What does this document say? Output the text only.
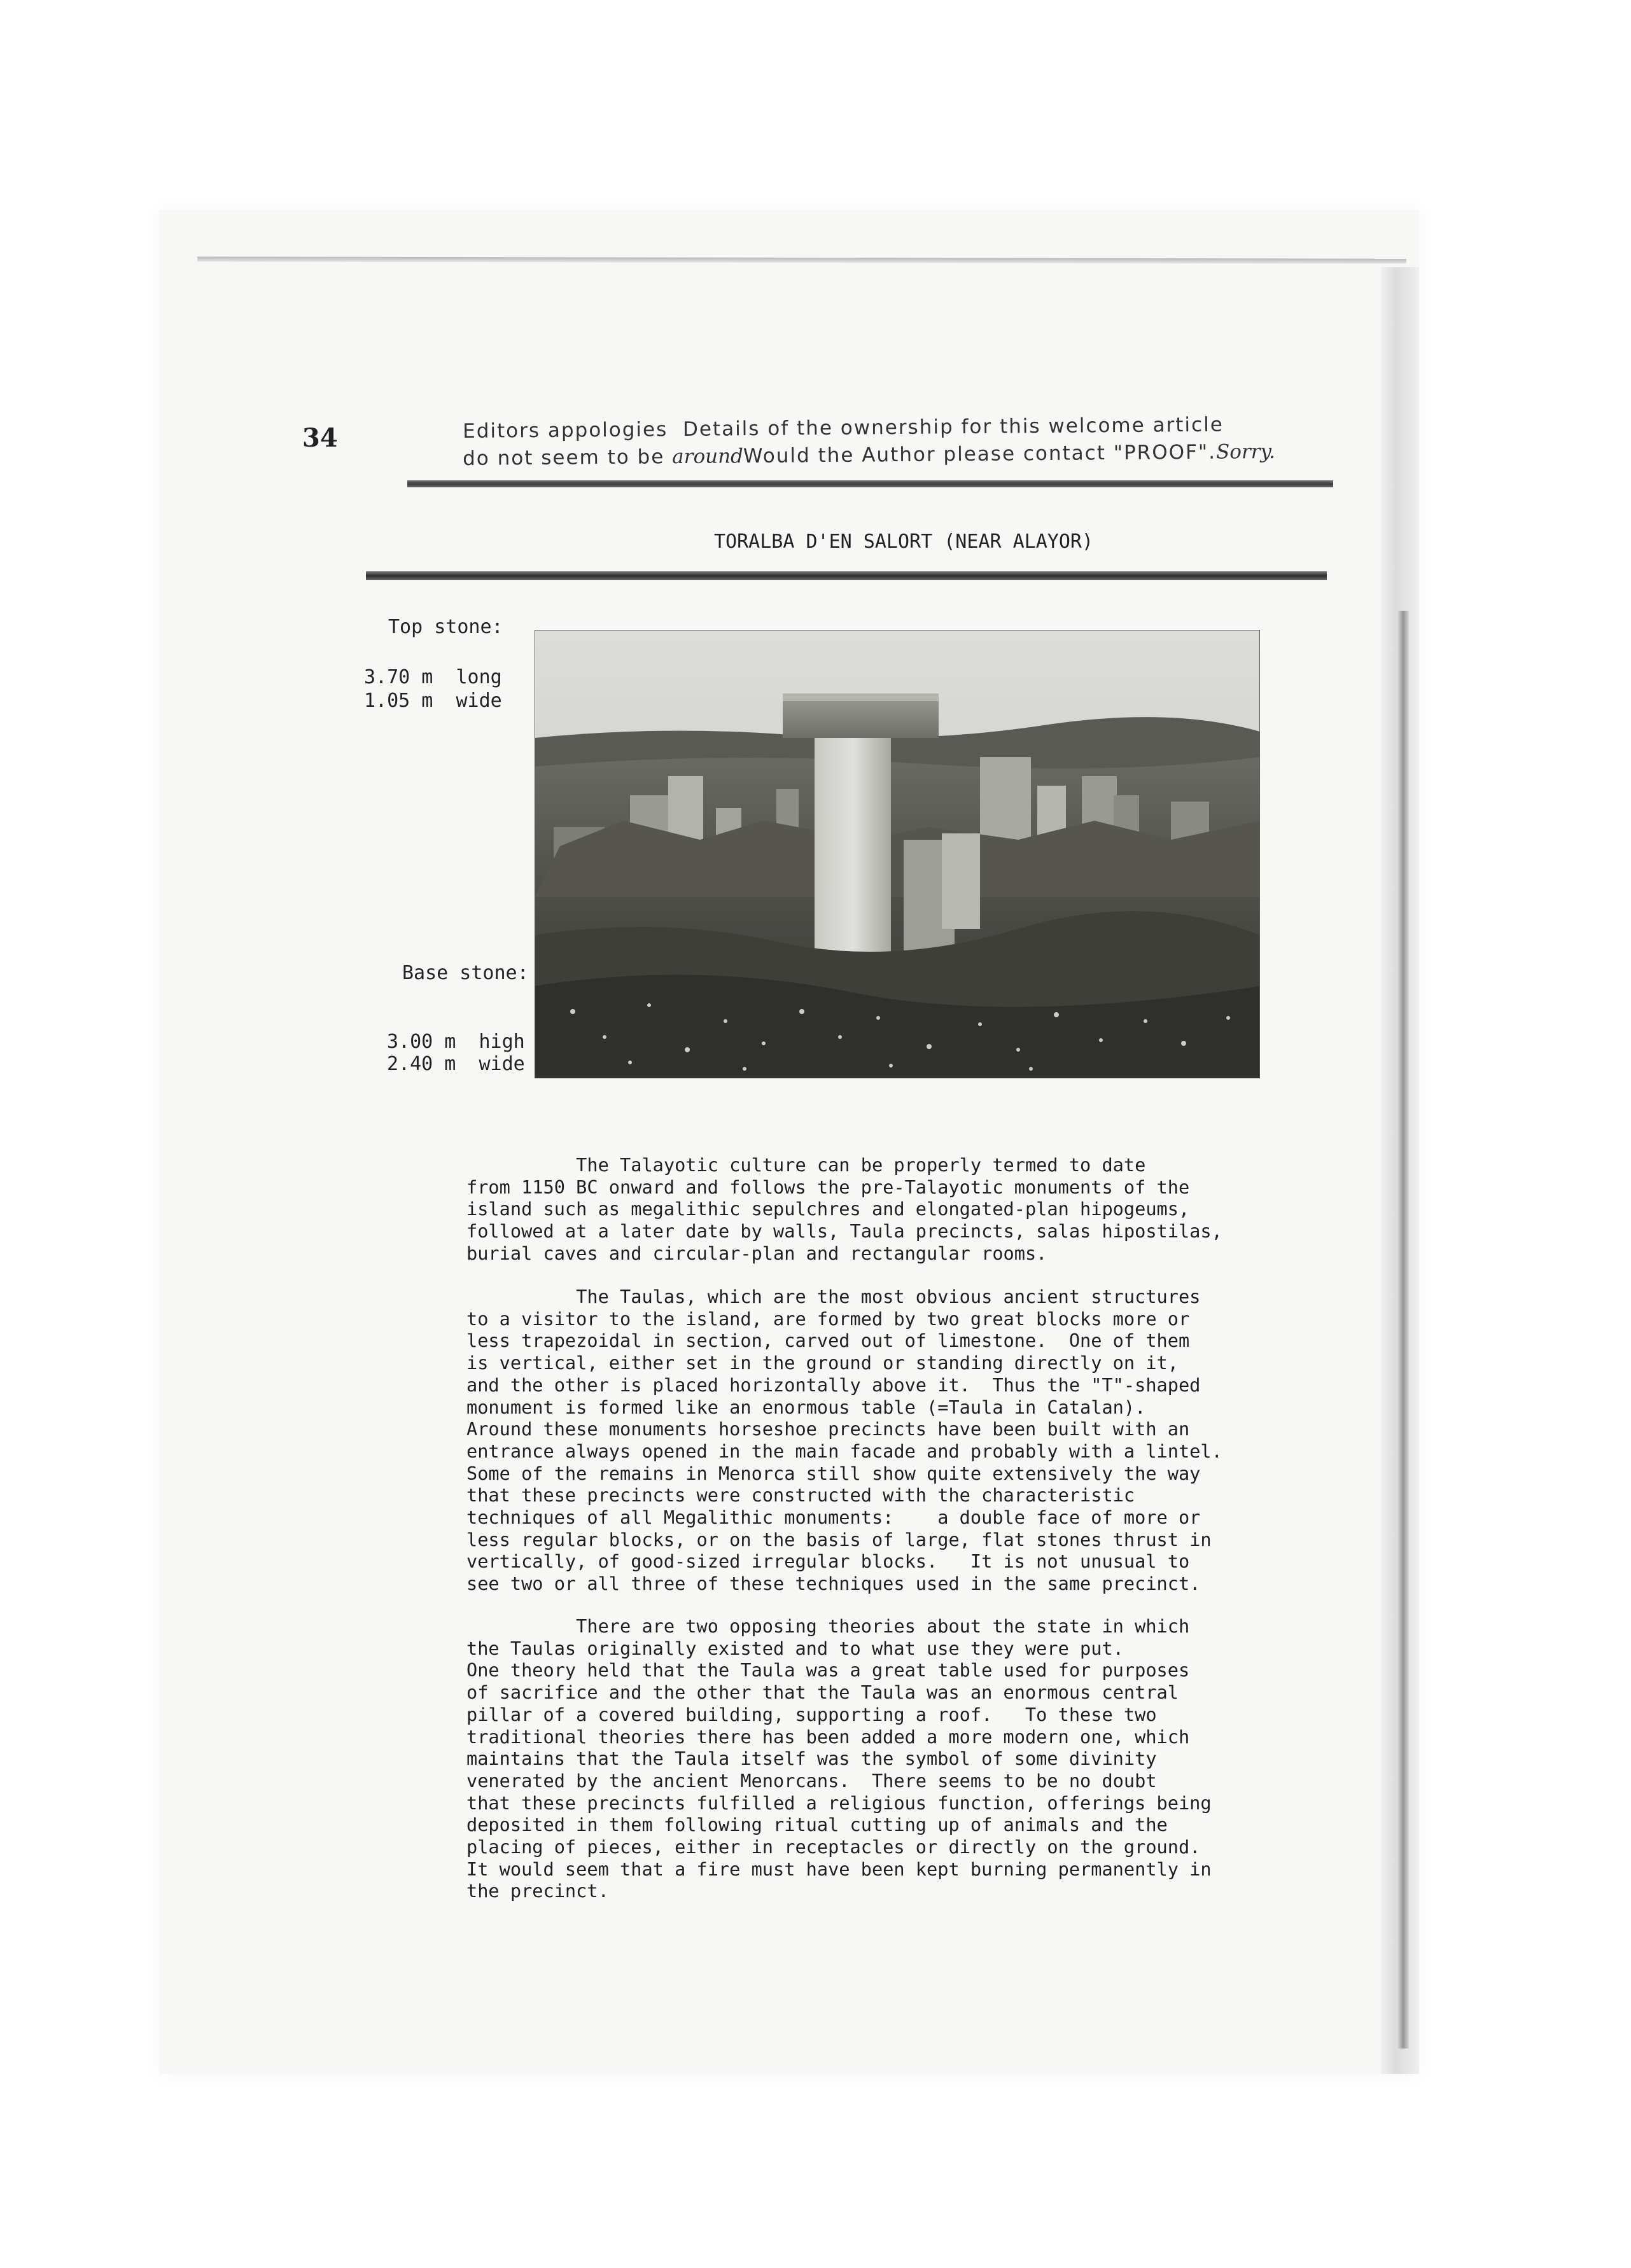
34	Editors appologies  Details of the ownership for this welcome article
do not seem to be aroundWould the Author please contact "PROOF".Sorry.
TORALBA D'EN SALORT (NEAR ALAYOR)
Top stone:
3.70 m  long
1.05 m  wide
Base stone:
3.00 m  high
2.40 m  wide

The Talayotic culture can be properly termed to date

from 1150 BC onward and follows the pre-Talayotic monuments of the

island such as megalithic sepulchres and elongated-plan hipogeums,

followed at a later date by walls, Taula precincts, salas hipostilas,

burial caves and circular-plan and rectangular rooms.

The Taulas, which are the most obvious ancient structures

to a visitor to the island, are formed by two great blocks more or

less trapezoidal in section, carved out of limestone.  One of them

is vertical, either set in the ground or standing directly on it,

and the other is placed horizontally above it.  Thus the "T"-shaped

monument is formed like an enormous table (=Taula in Catalan).

Around these monuments horseshoe precincts have been built with an

entrance always opened in the main facade and probably with a lintel.

Some of the remains in Menorca still show quite extensively the way

that these precincts were constructed with the characteristic

techniques of all Megalithic monuments:    a double face of more or

less regular blocks, or on the basis of large, flat stones thrust in

vertically, of good-sized irregular blocks.   It is not unusual to

see two or all three of these techniques used in the same precinct.

There are two opposing theories about the state in which

the Taulas originally existed and to what use they were put.

One theory held that the Taula was a great table used for purposes

of sacrifice and the other that the Taula was an enormous central

pillar of a covered building, supporting a roof.   To these two

traditional theories there has been added a more modern one, which

maintains that the Taula itself was the symbol of some divinity

venerated by the ancient Menorcans.  There seems to be no doubt

that these precincts fulfilled a religious function, offerings being

deposited in them following ritual cutting up of animals and the

placing of pieces, either in receptacles or directly on the ground.

It would seem that a fire must have been kept burning permanently in

the precinct.
